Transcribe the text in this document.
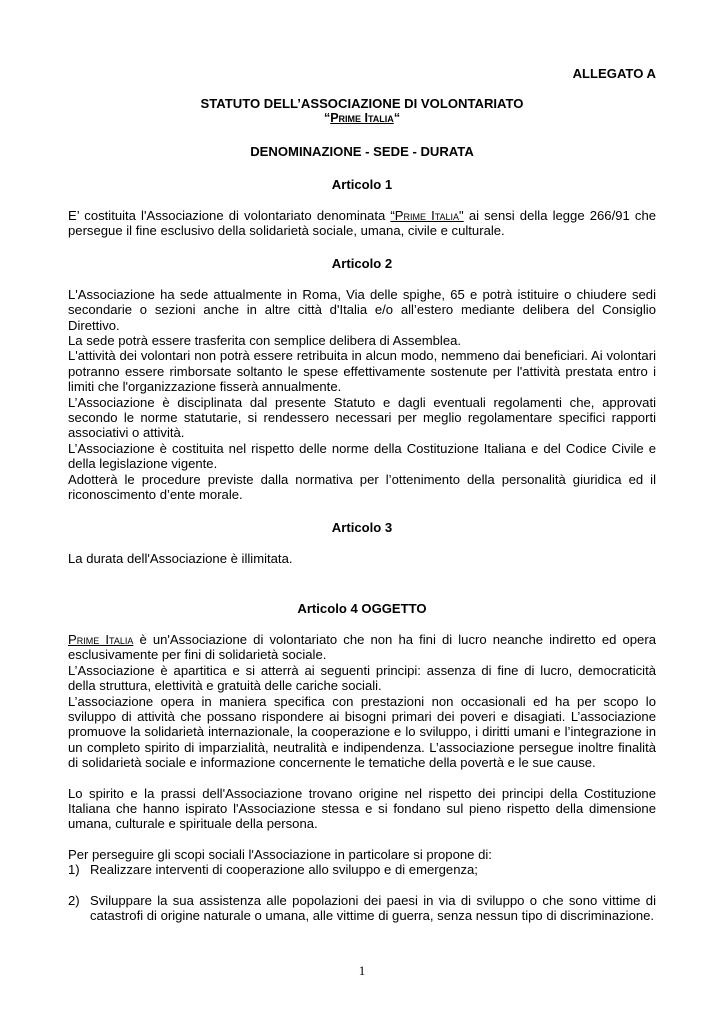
ALLEGATO A

STATUTO DELL’ASSOCIAZIONE DI VOLONTARIATO

“Prime Italia“

DENOMINAZIONE - SEDE - DURATA

Articolo 1

E’ costituita l'Associazione di volontariato denominata “Prime Italia" ai sensi della legge 266/91 che persegue il fine esclusivo della solidarietà sociale, umana, civile e culturale.

Articolo 2

L'Associazione ha sede attualmente in Roma, Via delle spighe, 65 e potrà istituire o chiudere sedi secondarie o sezioni anche in altre città d'Italia e/o all’estero mediante delibera del Consiglio Direttivo.

La sede potrà essere trasferita con semplice delibera di Assemblea.

L'attività dei volontari non potrà essere retribuita in alcun modo, nemmeno dai beneficiari. Ai volontari potranno essere rimborsate soltanto le spese effettivamente sostenute per l'attività prestata entro i limiti che l'organizzazione fisserà annualmente.

L’Associazione è disciplinata dal presente Statuto e dagli eventuali regolamenti che, approvati secondo le norme statutarie, si rendessero necessari per meglio regolamentare specifici rapporti associativi o attività.

L’Associazione è costituita nel rispetto delle norme della Costituzione Italiana e del Codice Civile e della legislazione vigente.

Adotterà le procedure previste dalla normativa per l’ottenimento della personalità giuridica ed il riconoscimento d’ente morale.

Articolo 3

La durata dell'Associazione è illimitata.

Articolo 4 OGGETTO

Prime Italia è un'Associazione di volontariato che non ha fini di lucro neanche indiretto ed opera esclusivamente per fini di solidarietà sociale.

L’Associazione è apartitica e si atterrà ai seguenti principi: assenza di fine di lucro, democraticità della struttura, elettività e gratuità delle cariche sociali.

L’associazione opera in maniera specifica con prestazioni non occasionali ed ha per scopo lo sviluppo di attività che possano rispondere ai bisogni primari dei poveri e disagiati. L’associazione promuove la solidarietà internazionale, la cooperazione e lo sviluppo, i diritti umani e l’integrazione in un completo spirito di imparzialità, neutralità e indipendenza. L’associazione persegue inoltre finalità di solidarietà sociale e informazione concernente le tematiche della povertà e le sue cause.

Lo spirito e la prassi dell'Associazione trovano origine nel rispetto dei principi della Costituzione Italiana che hanno ispirato l'Associazione stessa e si fondano sul pieno rispetto della dimensione umana, culturale e spirituale della persona.

Per perseguire gli scopi sociali l'Associazione in particolare si propone di:

1) Realizzare interventi di cooperazione allo sviluppo e di emergenza;
2) Sviluppare la sua assistenza alle popolazioni dei paesi in via di sviluppo o che sono vittime di catastrofi di origine naturale o umana, alle vittime di guerra, senza nessun tipo di discriminazione.
1
